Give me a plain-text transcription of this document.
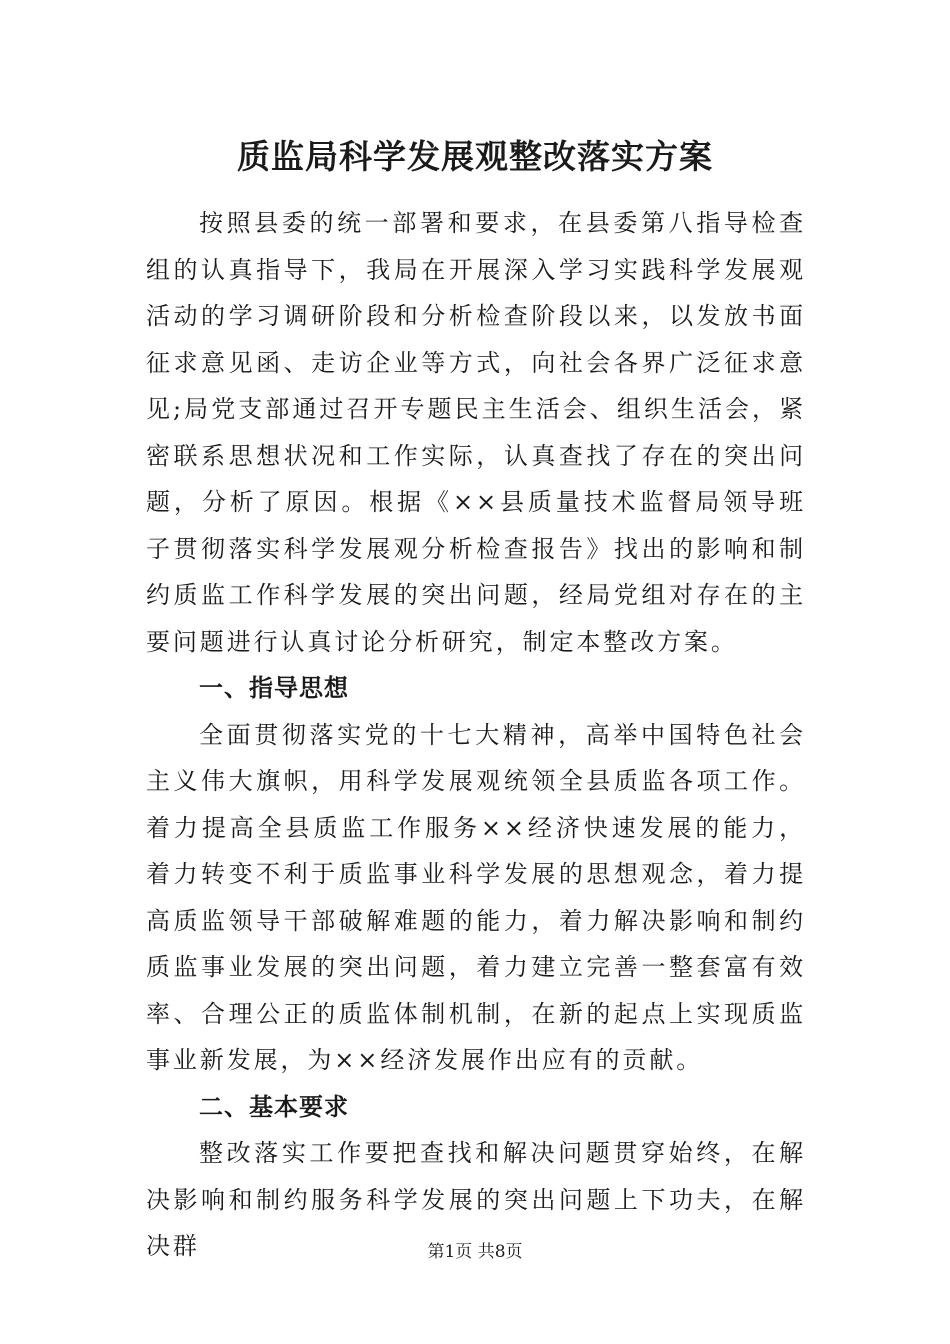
质监局科学发展观整改落实方案

按照县委的统一部署和要求，在县委第八指导检查组的认真指导下，我局在开展深入学习实践科学发展观活动的学习调研阶段和分析检查阶段以来，以发放书面征求意见函、走访企业等方式，向社会各界广泛征求意见;局党支部通过召开专题民主生活会、组织生活会，紧密联系思想状况和工作实际，认真查找了存在的突出问题，分析了原因。根据《××县质量技术监督局领导班子贯彻落实科学发展观分析检查报告》找出的影响和制约质监工作科学发展的突出问题，经局党组对存在的主要问题进行认真讨论分析研究，制定本整改方案。

一、指导思想

全面贯彻落实党的十七大精神，高举中国特色社会主义伟大旗帜，用科学发展观统领全县质监各项工作。着力提高全县质监工作服务××经济快速发展的能力，着力转变不利于质监事业科学发展的思想观念，着力提高质监领导干部破解难题的能力，着力解决影响和制约质监事业发展的突出问题，着力建立完善一整套富有效率、合理公正的质监体制机制，在新的起点上实现质监事业新发展，为××经济发展作出应有的贡献。

二、基本要求

整改落实工作要把查找和解决问题贯穿始终，在解决影响和制约服务科学发展的突出问题上下功夫，在解决群	第1页 共8页
